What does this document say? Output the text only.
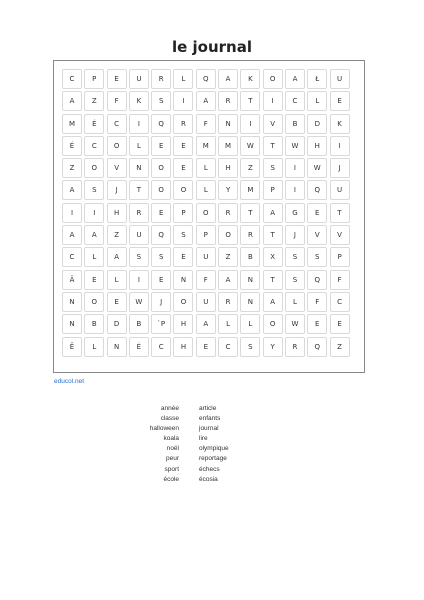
le journal
C	P	E	U	R	L	Q	A	K	O	A	Ł	U
A	Z	F	K	S	I	A	R	T	I	C	L	E
M	É	C	I	Q	R	F	N	I	V	B	D	K
É	C	O	L	E	E	M	M	W	T	W	H	I
Z	O	V	N	O	E	L	H	Z	S	I	W	J
A	S	J	T	O	O	L	Y	M	P	I	Q	U
I	I	H	R	E	P	O	R	T	A	G	E	T
A	A	Z	U	Q	S	P	O	R	T	J	V	V
C	L	A	S	S	E	U	Z	B	X	S	S	P
Ä	E	L	I	E	N	F	A	N	T	S	Q	F
N	O	E	W	J	O	U	R	N	A	L	F	C
N	B	D	B	`P	H	A	L	L	O	W	E	E
Ê	L	N	É	C	H	E	C	S	Y	R	Q	Z
educol.net
année
classe
halloween
koala
noël
peur
sport
école
article
enfants
journal
lire
olympique
reportage
échecs
écosia
